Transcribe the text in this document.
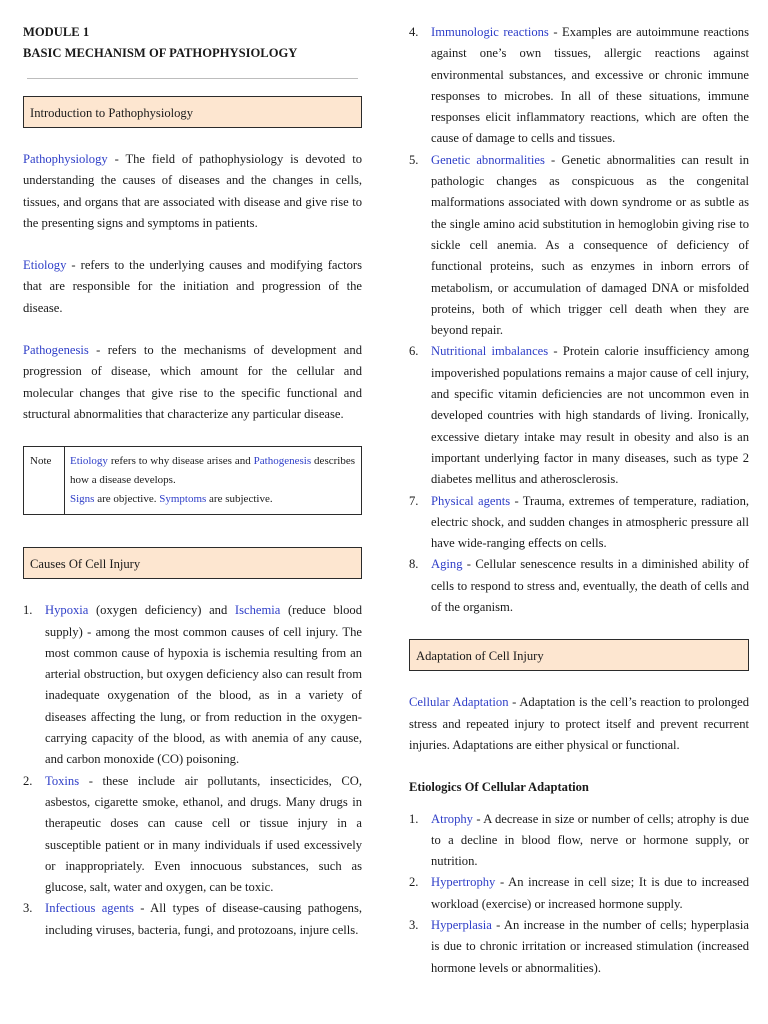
MODULE 1

BASIC MECHANISM OF PATHOPHYSIOLOGY

Introduction to Pathophysiology

Pathophysiology - The field of pathophysiology is devoted to understanding the causes of diseases and the changes in cells, tissues, and organs that are associated with disease and give rise to the presenting signs and symptoms in patients.

Etiology - refers to the underlying causes and modifying factors that are responsible for the initiation and progression of the disease.

Pathogenesis - refers to the mechanisms of development and progression of disease, which amount for the cellular and molecular changes that give rise to the specific functional and structural abnormalities that characterize any particular disease.

Note	Etiology refers to why disease arises and Pathogenesis describes how a disease develops.
Signs are objective. Symptoms are subjective.
Causes Of Cell Injury
1. Hypoxia (oxygen deficiency) and Ischemia (reduce blood supply) - among the most common causes of cell injury. The most common cause of hypoxia is ischemia resulting from an arterial obstruction, but oxygen deficiency also can result from inadequate oxygenation of the blood, as in a variety of diseases affecting the lung, or from reduction in the oxygen-carrying capacity of the blood, as with anemia of any cause, and carbon monoxide (CO) poisoning.
2. Toxins - these include air pollutants, insecticides, CO, asbestos, cigarette smoke, ethanol, and drugs. Many drugs in therapeutic doses can cause cell or tissue injury in a susceptible patient or in many individuals if used excessively or inappropriately. Even innocuous substances, such as glucose, salt, water and oxygen, can be toxic.
3. Infectious agents - All types of disease-causing pathogens, including viruses, bacteria, fungi, and protozoans, injure cells.
4. Immunologic reactions - Examples are autoimmune reactions against one’s own tissues, allergic reactions against environmental substances, and excessive or chronic immune responses to microbes. In all of these situations, immune responses elicit inflammatory reactions, which are often the cause of damage to cells and tissues.
5. Genetic abnormalities - Genetic abnormalities can result in pathologic changes as conspicuous as the congenital malformations associated with down syndrome or as subtle as the single amino acid substitution in hemoglobin giving rise to sickle cell anemia. As a consequence of deficiency of functional proteins, such as enzymes in inborn errors of metabolism, or accumulation of damaged DNA or misfolded proteins, both of which trigger cell death when they are beyond repair.
6. Nutritional imbalances - Protein calorie insufficiency among impoverished populations remains a major cause of cell injury, and specific vitamin deficiencies are not uncommon even in developed countries with high standards of living. Ironically, excessive dietary intake may result in obesity and also is an important underlying factor in many diseases, such as type 2 diabetes mellitus and atherosclerosis.
7. Physical agents - Trauma, extremes of temperature, radiation, electric shock, and sudden changes in atmospheric pressure all have wide-ranging effects on cells.
8. Aging - Cellular senescence results in a diminished ability of cells to respond to stress and, eventually, the death of cells and of the organism.
Adaptation of Cell Injury

Cellular Adaptation - Adaptation is the cell’s reaction to prolonged stress and repeated injury to protect itself and prevent recurrent injuries. Adaptations are either physical or functional.

Etiologics Of Cellular Adaptation

1. Atrophy - A decrease in size or number of cells; atrophy is due to a decline in blood flow, nerve or hormone supply, or nutrition.
2. Hypertrophy - An increase in cell size; It is due to increased workload (exercise) or increased hormone supply.
3. Hyperplasia - An increase in the number of cells; hyperplasia is due to chronic irritation or increased stimulation (increased hormone levels or abnormalities).
